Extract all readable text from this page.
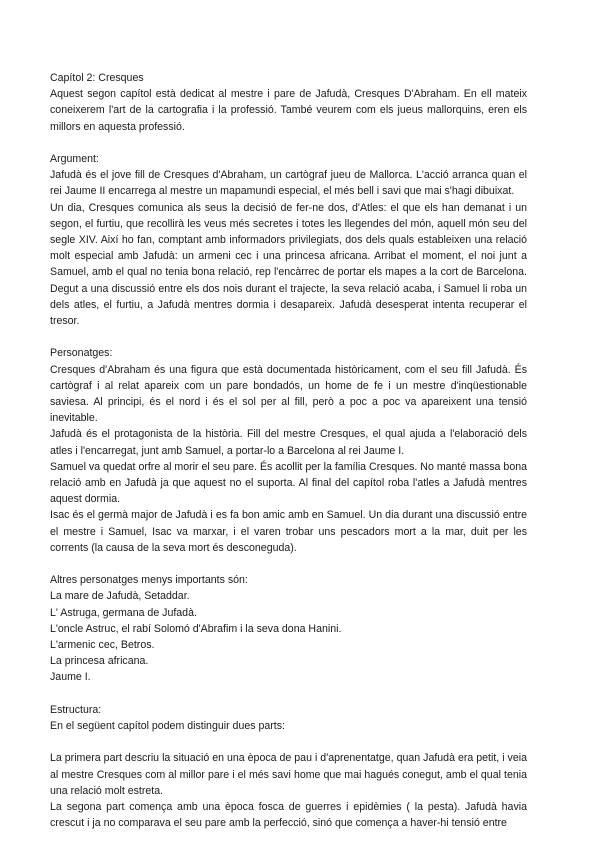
Capítol 2: Cresques

Aquest segon capítol està dedicat al mestre i pare de Jafudà, Cresques D'Abraham. En ell mateix coneixerem l'art de la cartografia i la professió. També veurem com els jueus mallorquins, eren els millors en aquesta professió.

Argument:

Jafudà és el jove fill de Cresques d'Abraham, un cartògraf jueu de Mallorca. L'acció arranca quan el rei Jaume II encarrega al mestre un mapamundi especial, el més bell i savi que mai s'hagi dibuixat.

Un dia, Cresques comunica als seus la decisió de fer-ne dos, d'Atles: el que els han demanat i un segon, el furtiu, que recollirà les veus més secretes i totes les llegendes del món, aquell món seu del segle XIV. Així ho fan, comptant amb informadors privilegiats, dos dels quals estableixen una relació molt especial amb Jafudà: un armeni cec i una princesa africana. Arribat el moment, el noi junt a Samuel, amb el qual no tenia bona relació, rep l'encàrrec de portar els mapes a la cort de Barcelona. Degut a una discussió entre els dos nois durant el trajecte, la seva relació acaba, i Samuel li roba un dels atles, el furtiu, a Jafudà mentres dormia i desapareix. Jafudà desesperat intenta recuperar el tresor.

Personatges:

Cresques d'Abraham és una figura que està documentada històricament, com el seu fill Jafudà. És cartògraf i al relat apareix com un pare bondadós, un home de fe i un mestre d'inqüestionable saviesa. Al principi, és el nord i és el sol per al fill, però a poc a poc va apareixent una tensió inevitable.

Jafudà és el protagonista de la història. Fill del mestre Cresques, el qual ajuda a l'elaboració dels atles i l'encarregat, junt amb Samuel, a portar-lo a Barcelona al rei Jaume I.

Samuel va quedat orfre al morir el seu pare. És acollit per la família Cresques. No manté massa bona relació amb en Jafudà ja que aquest no el suporta. Al final del capítol roba l'atles a Jafudà mentres aquest dormia.

Isac és el germà major de Jafudà i es fa bon amic amb en Samuel. Un dia durant una discussió entre el mestre i Samuel, Isac va marxar, i el varen trobar uns pescadors mort a la mar, duit per les corrents (la causa de la seva mort és desconeguda).

Altres personatges menys importants són:

La mare de Jafudà, Setaddar.

L' Astruga, germana de Jufadà.

L'oncle Astruc, el rabí Solomó d'Abrafim i la seva dona Hanini.

L'armenic cec, Betros.

La princesa africana.

Jaume I.

Estructura:

En el següent capítol podem distinguir dues parts:

La primera part descriu la situació en una època de pau i d'aprenentatge, quan Jafudà era petit, i veia al mestre Cresques com al millor pare i el més savi home que mai hagués conegut, amb el qual tenia una relació molt estreta.

La segona part comença amb una època fosca de guerres i epidèmies ( la pesta). Jafudà havia crescut i ja no comparava el seu pare amb la perfecció, sinó que comença a haver-hi tensió entre
